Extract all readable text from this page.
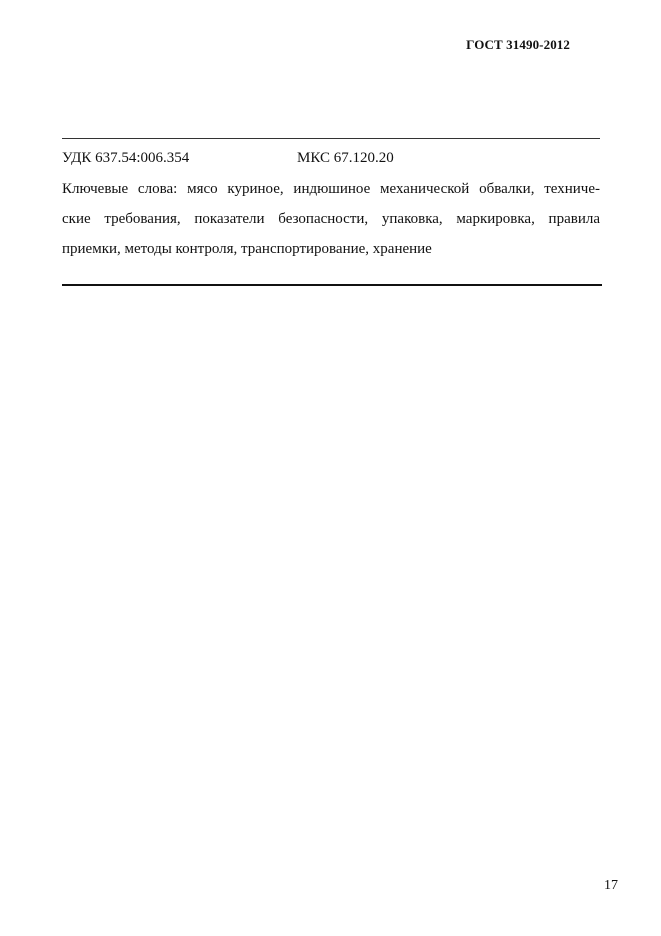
ГОСТ 31490-2012
УДК 637.54:006.354	МКС 67.120.20
Ключевые слова: мясо куриное, индюшиное механической обвалки, техниче-
ские требования, показатели безопасности, упаковка, маркировка, правила
приемки, методы контроля, транспортирование, хранение
17
